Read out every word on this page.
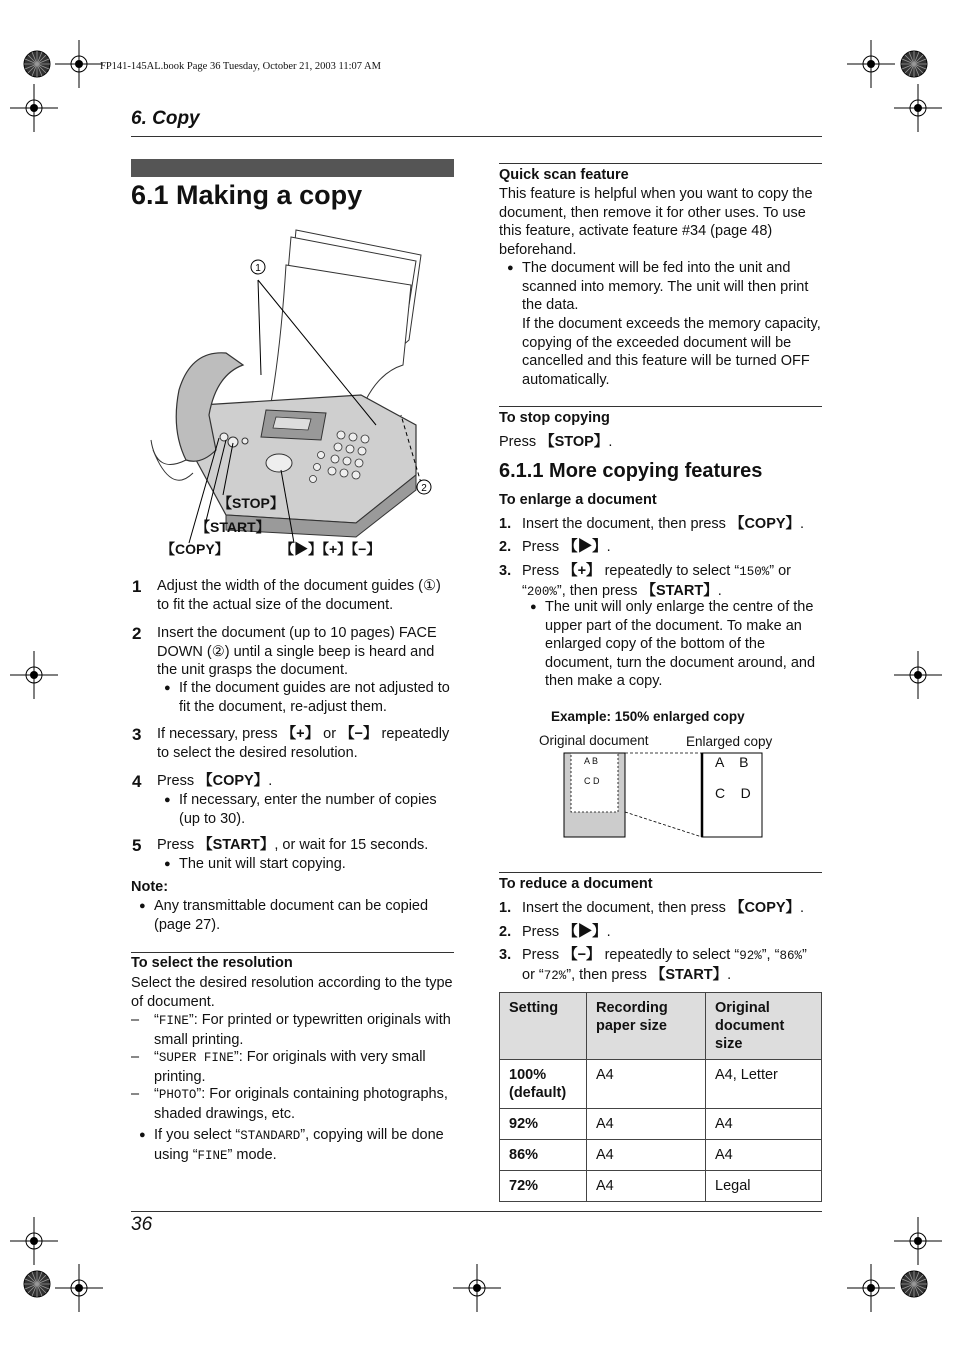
FP141-145AL.book Page 36 Tuesday, October 21, 2003 11:07 AM
6. Copy
6.1 Making a copy
1
2
【STOP】
【START】
【COPY】	【▶】【+】【−】
1 Adjust the width of the document guides (①) to fit the actual size of the document.
2 Insert the document (up to 10 pages) FACE DOWN (②) until a single beep is heard and the unit grasps the document.
● If the document guides are not adjusted to fit the document, re-adjust them.
3 If necessary, press 【+】 or 【−】 repeatedly to select the desired resolution.
4 Press 【COPY】.
● If necessary, enter the number of copies (up to 30).
5 Press 【START】, or wait for 15 seconds.
● The unit will start copying.
Note:
● Any transmittable document can be copied (page 27).
To select the resolution
Select the desired resolution according to the type of document.
– “FINE”: For printed or typewritten originals with small printing.
– “SUPER FINE”: For originals with very small printing.
– “PHOTO”: For originals containing photographs, shaded drawings, etc.
● If you select “STANDARD”, copying will be done using “FINE” mode.
Quick scan feature
This feature is helpful when you want to copy the document, then remove it for other uses. To use this feature, activate feature #34 (page 48) beforehand.
● The document will be fed into the unit and scanned into memory. The unit will then print the data.
If the document exceeds the memory capacity, copying of the exceeded document will be cancelled and this feature will be turned OFF automatically.
To stop copying
Press 【STOP】.
6.1.1 More copying features
To enlarge a document
1. Insert the document, then press 【COPY】.
2. Press 【▶】.
3. Press 【+】 repeatedly to select “150%” or “200%”, then press 【START】.
● The unit will only enlarge the centre of the upper part of the document. To make an enlarged copy of the bottom of the document, turn the document around, and then make a copy.
Example: 150% enlarged copy
Original document	Enlarged copy
A B
C D
A    B
C    D
To reduce a document
1. Insert the document, then press 【COPY】.
2. Press 【▶】.
3. Press 【−】 repeatedly to select “92%”, “86%” or “72%”, then press 【START】.
Setting	Recording paper size	Original document size
100% (default)	A4	A4, Letter
92%	A4	A4
86%	A4	A4
72%	A4	Legal
36
